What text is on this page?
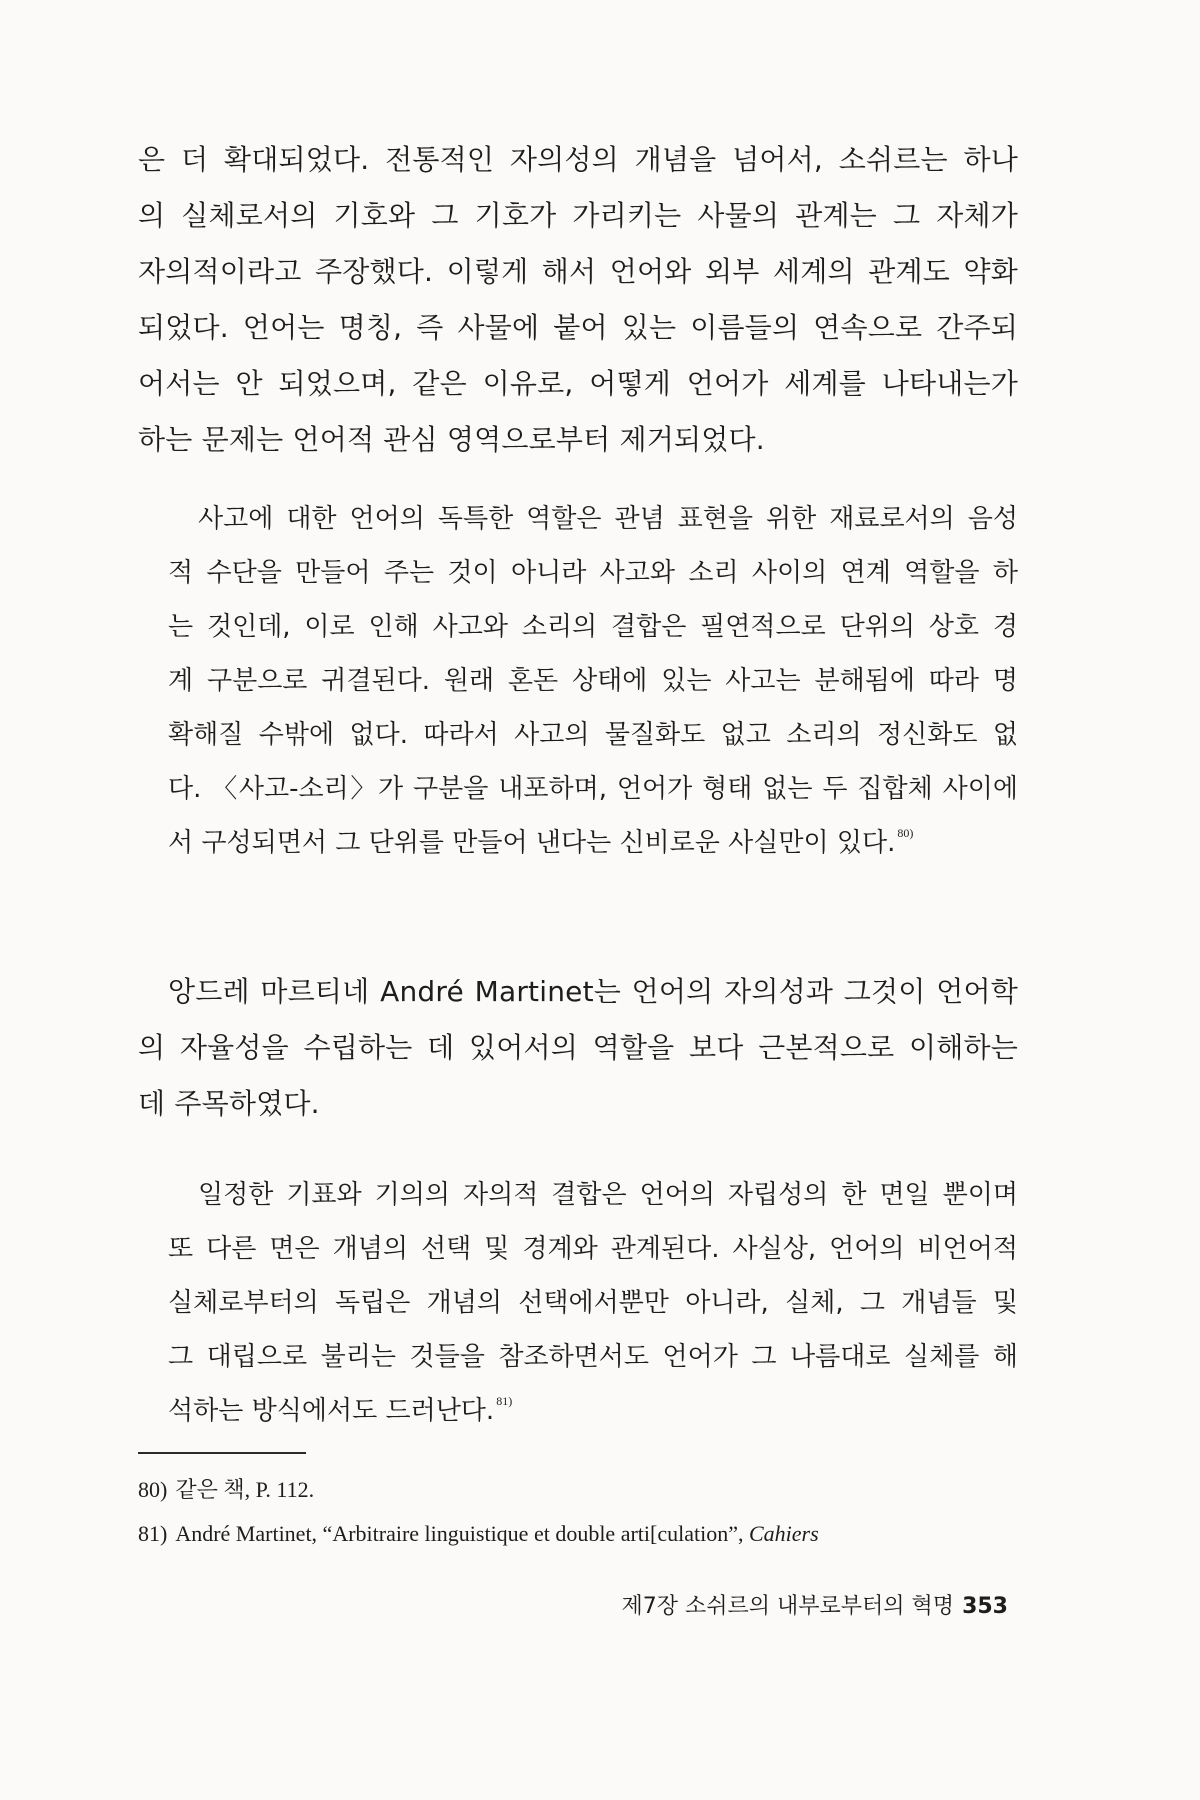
은 더 확대되었다. 전통적인 자의성의 개념을 넘어서, 소쉬르는 하나
의 실체로서의 기호와 그 기호가 가리키는 사물의 관계는 그 자체가
자의적이라고 주장했다. 이렇게 해서 언어와 외부 세계의 관계도 약화
되었다. 언어는 명칭, 즉 사물에 붙어 있는 이름들의 연속으로 간주되
어서는 안 되었으며, 같은 이유로, 어떻게 언어가 세계를 나타내는가
하는 문제는 언어적 관심 영역으로부터 제거되었다.
사고에 대한 언어의 독특한 역할은 관념 표현을 위한 재료로서의 음성
적 수단을 만들어 주는 것이 아니라 사고와 소리 사이의 연계 역할을 하
는 것인데, 이로 인해 사고와 소리의 결합은 필연적으로 단위의 상호 경
계 구분으로 귀결된다. 원래 혼돈 상태에 있는 사고는 분해됨에 따라 명
확해질 수밖에 없다. 따라서 사고의 물질화도 없고 소리의 정신화도 없
다. 〈사고-소리〉가 구분을 내포하며, 언어가 형태 없는 두 집합체 사이에
서 구성되면서 그 단위를 만들어 낸다는 신비로운 사실만이 있다. $^{80)}$
앙드레 마르티네 André Martinet는 언어의 자의성과 그것이 언어학
의 자율성을 수립하는 데 있어서의 역할을 보다 근본적으로 이해하는
데 주목하였다.
일정한 기표와 기의의 자의적 결합은 언어의 자립성의 한 면일 뿐이며
또 다른 면은 개념의 선택 및 경계와 관계된다. 사실상, 언어의 비언어적
실체로부터의 독립은 개념의 선택에서뿐만 아니라, 실체, 그 개념들 및
그 대립으로 불리는 것들을 참조하면서도 언어가 그 나름대로 실체를 해
석하는 방식에서도 드러난다. $^{81)}$
80) 같은 책, P. 112.
81) André Martinet, “Arbitraire linguistique et double arti[culation”, Cahiers
제7장 소쉬르의 내부로부터의 혁명 353
